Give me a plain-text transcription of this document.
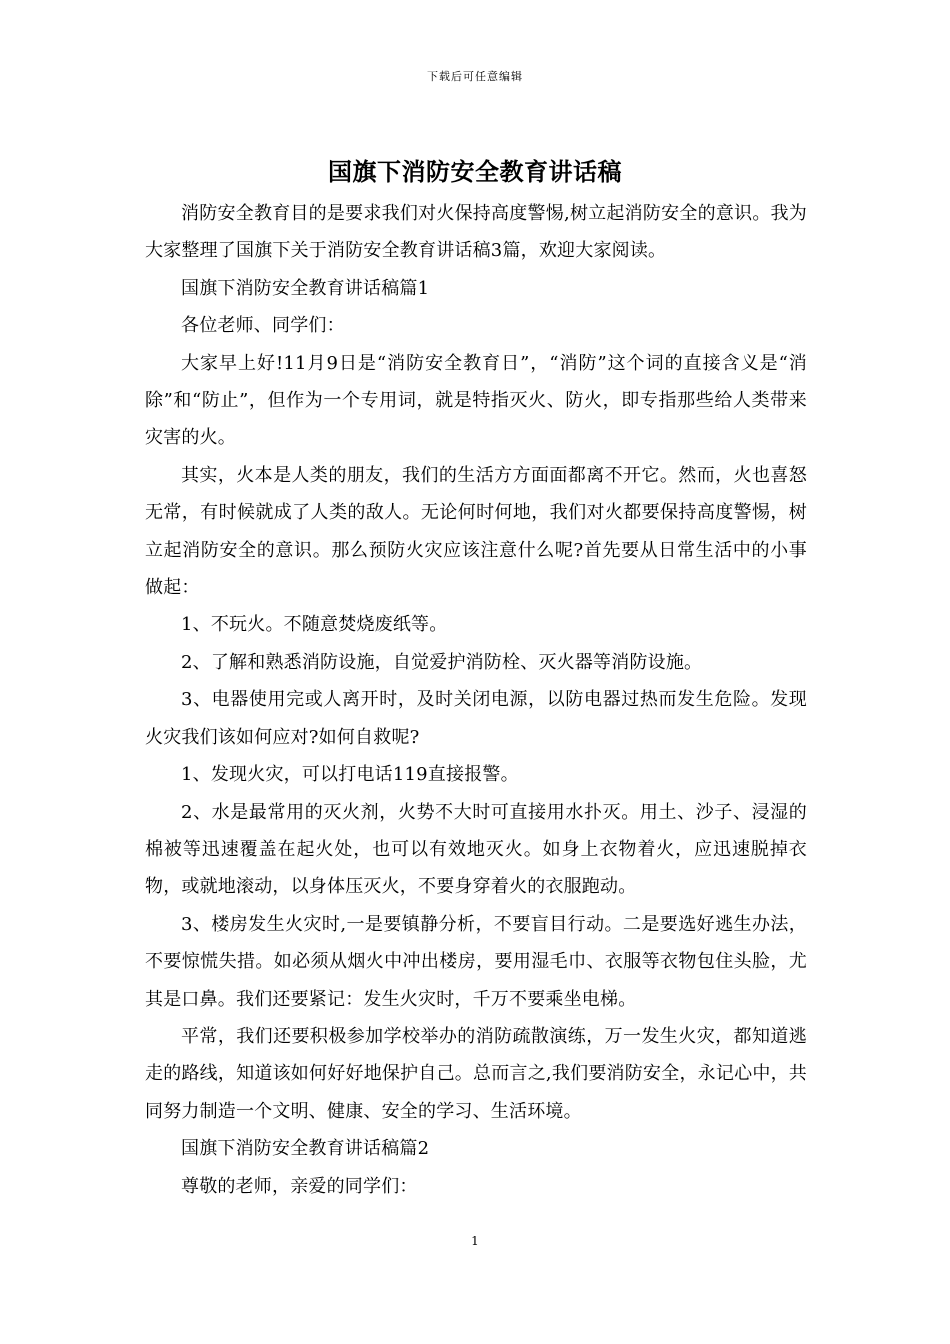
下载后可任意编辑
国旗下消防安全教育讲话稿

消防安全教育目的是要求我们对火保持高度警惕,树立起消防安全的意识。我为大家整理了国旗下关于消防安全教育讲话稿3篇，欢迎大家阅读。

国旗下消防安全教育讲话稿篇1

各位老师、同学们：

大家早上好!11月9日是“消防安全教育日”，“消防”这个词的直接含义是“消除”和“防止”，但作为一个专用词，就是特指灭火、防火，即专指那些给人类带来灾害的火。

其实，火本是人类的朋友，我们的生活方方面面都离不开它。然而，火也喜怒无常，有时候就成了人类的敌人。无论何时何地，我们对火都要保持高度警惕，树立起消防安全的意识。那么预防火灾应该注意什么呢?首先要从日常生活中的小事做起：

1、不玩火。不随意焚烧废纸等。

2、了解和熟悉消防设施，自觉爱护消防栓、灭火器等消防设施。

3、电器使用完或人离开时，及时关闭电源，以防电器过热而发生危险。发现火灾我们该如何应对?如何自救呢?

1、发现火灾，可以打电话119直接报警。

2、水是最常用的灭火剂，火势不大时可直接用水扑灭。用土、沙子、浸湿的棉被等迅速覆盖在起火处，也可以有效地灭火。如身上衣物着火，应迅速脱掉衣物，或就地滚动，以身体压灭火，不要身穿着火的衣服跑动。

3、楼房发生火灾时,一是要镇静分析，不要盲目行动。二是要选好逃生办法，不要惊慌失措。如必须从烟火中冲出楼房，要用湿毛巾、衣服等衣物包住头脸，尤其是口鼻。我们还要紧记：发生火灾时，千万不要乘坐电梯。

平常，我们还要积极参加学校举办的消防疏散演练，万一发生火灾，都知道逃走的路线，知道该如何好好地保护自己。总而言之,我们要消防安全，永记心中，共同努力制造一个文明、健康、安全的学习、生活环境。

国旗下消防安全教育讲话稿篇2

尊敬的老师，亲爱的同学们：

1
